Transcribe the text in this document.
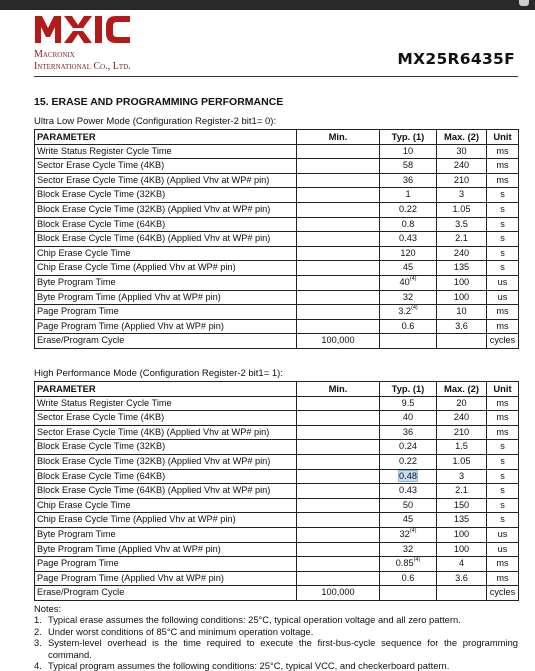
Macronix
International Co., Ltd.	MX25R6435F
15. ERASE AND PROGRAMMING PERFORMANCE
Ultra Low Power Mode (Configuration Register-2 bit1= 0):
PARAMETER	Min.	Typ. (1)	Max. (2)	Unit
Write Status Register Cycle Time		10	30	ms
Sector Erase Cycle Time (4KB)		58	240	ms
Sector Erase Cycle Time (4KB) (Applied Vhv at WP# pin)		36	210	ms
Block Erase Cycle Time (32KB)		1	3	s
Block Erase Cycle Time (32KB) (Applied Vhv at WP# pin)		0.22	1.05	s
Block Erase Cycle Time (64KB)		0.8	3.5	s
Block Erase Cycle Time (64KB) (Applied Vhv at WP# pin)		0.43	2.1	s
Chip Erase Cycle Time		120	240	s
Chip Erase Cycle Time (Applied Vhv at WP# pin)		45	135	s
Byte Program Time		40$^{(4)}$	100	us
Byte Program Time (Applied Vhv at WP# pin)		32	100	us
Page Program Time		3.2$^{(4)}$	10	ms
Page Program Time (Applied Vhv at WP# pin)		0.6	3.6	ms
Erase/Program Cycle	100,000			cycles
High Performance Mode (Configuration Register-2 bit1= 1):
PARAMETER	Min.	Typ. (1)	Max. (2)	Unit
Write Status Register Cycle Time		9.5	20	ms
Sector Erase Cycle Time (4KB)		40	240	ms
Sector Erase Cycle Time (4KB) (Applied Vhv at WP# pin)		36	210	ms
Block Erase Cycle Time (32KB)		0.24	1.5	s
Block Erase Cycle Time (32KB) (Applied Vhv at WP# pin)		0.22	1.05	s
Block Erase Cycle Time (64KB)		0.48	3	s
Block Erase Cycle Time (64KB) (Applied Vhv at WP# pin)		0.43	2.1	s
Chip Erase Cycle Time		50	150	s
Chip Erase Cycle Time (Applied Vhv at WP# pin)		45	135	s
Byte Program Time		32$^{(4)}$	100	us
Byte Program Time (Applied Vhv at WP# pin)		32	100	us
Page Program Time		0.85$^{(4)}$	4	ms
Page Program Time (Applied Vhv at WP# pin)		0.6	3.6	ms
Erase/Program Cycle	100,000			cycles
Notes:
1. Typical erase assumes the following conditions: 25°C, typical operation voltage and all zero pattern.
2. Under worst conditions of 85°C and minimum operation voltage.
3. System-level overhead is the time required to execute the first-bus-cycle sequence for the programming command.
4. Typical program assumes the following conditions: 25°C, typical VCC, and checkerboard pattern.
